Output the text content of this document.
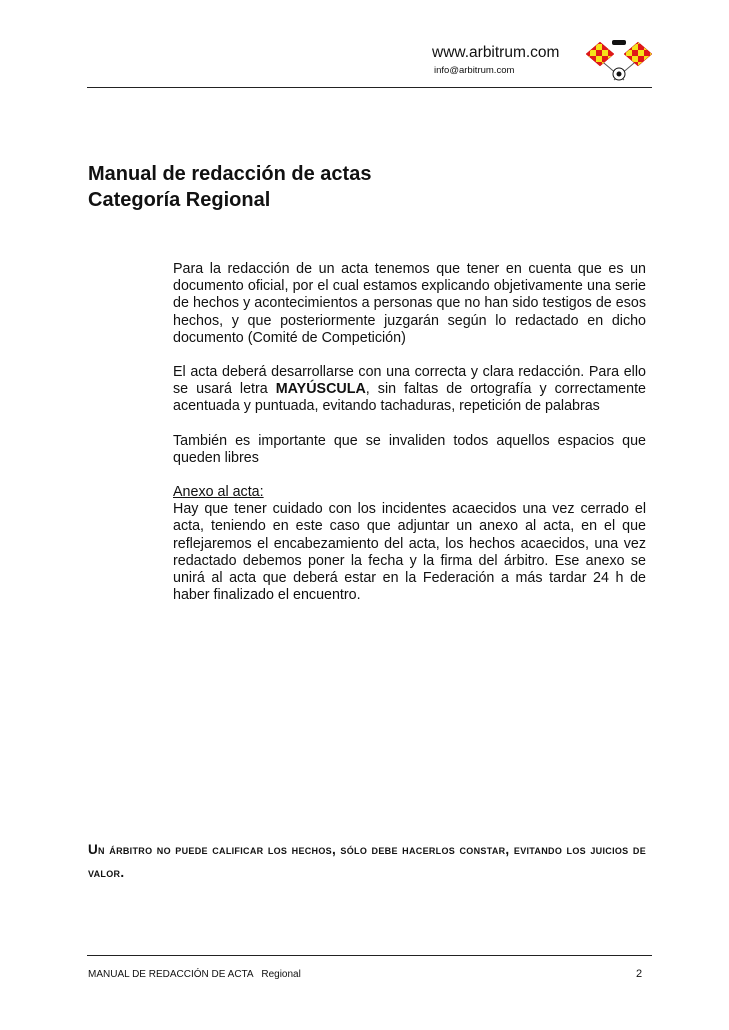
www.arbitrum.com
info@arbitrum.com
Manual de redacción de actas
Categoría Regional

Para la redacción de un acta tenemos que tener en cuenta que es un documento oficial, por el cual estamos explicando objetivamente una serie de hechos y acontecimientos a personas que no han sido testigos de esos hechos, y que posteriormente juzgarán según lo redactado en dicho documento (Comité de Competición)

El acta deberá desarrollarse con una correcta y clara redacción. Para ello se usará letra MAYÚSCULA, sin faltas de ortografía y correctamente acentuada y puntuada, evitando tachaduras, repetición de palabras

También es importante que se invaliden todos aquellos espacios que queden libres

Anexo al acta:
Hay que tener cuidado con los incidentes acaecidos una vez cerrado el acta, teniendo en este caso que adjuntar un anexo al acta, en el que reflejaremos el encabezamiento del acta, los hechos acaecidos, una vez redactado debemos poner la fecha y la firma del árbitro. Ese anexo se unirá al acta que deberá estar en la Federación a más tardar 24 h de haber finalizado el encuentro.

Un árbitro no puede calificar los hechos, sólo debe hacerlos constar, evitando los juicios de valor.
MANUAL DE REDACCIÓN DE ACTA   Regional	2
